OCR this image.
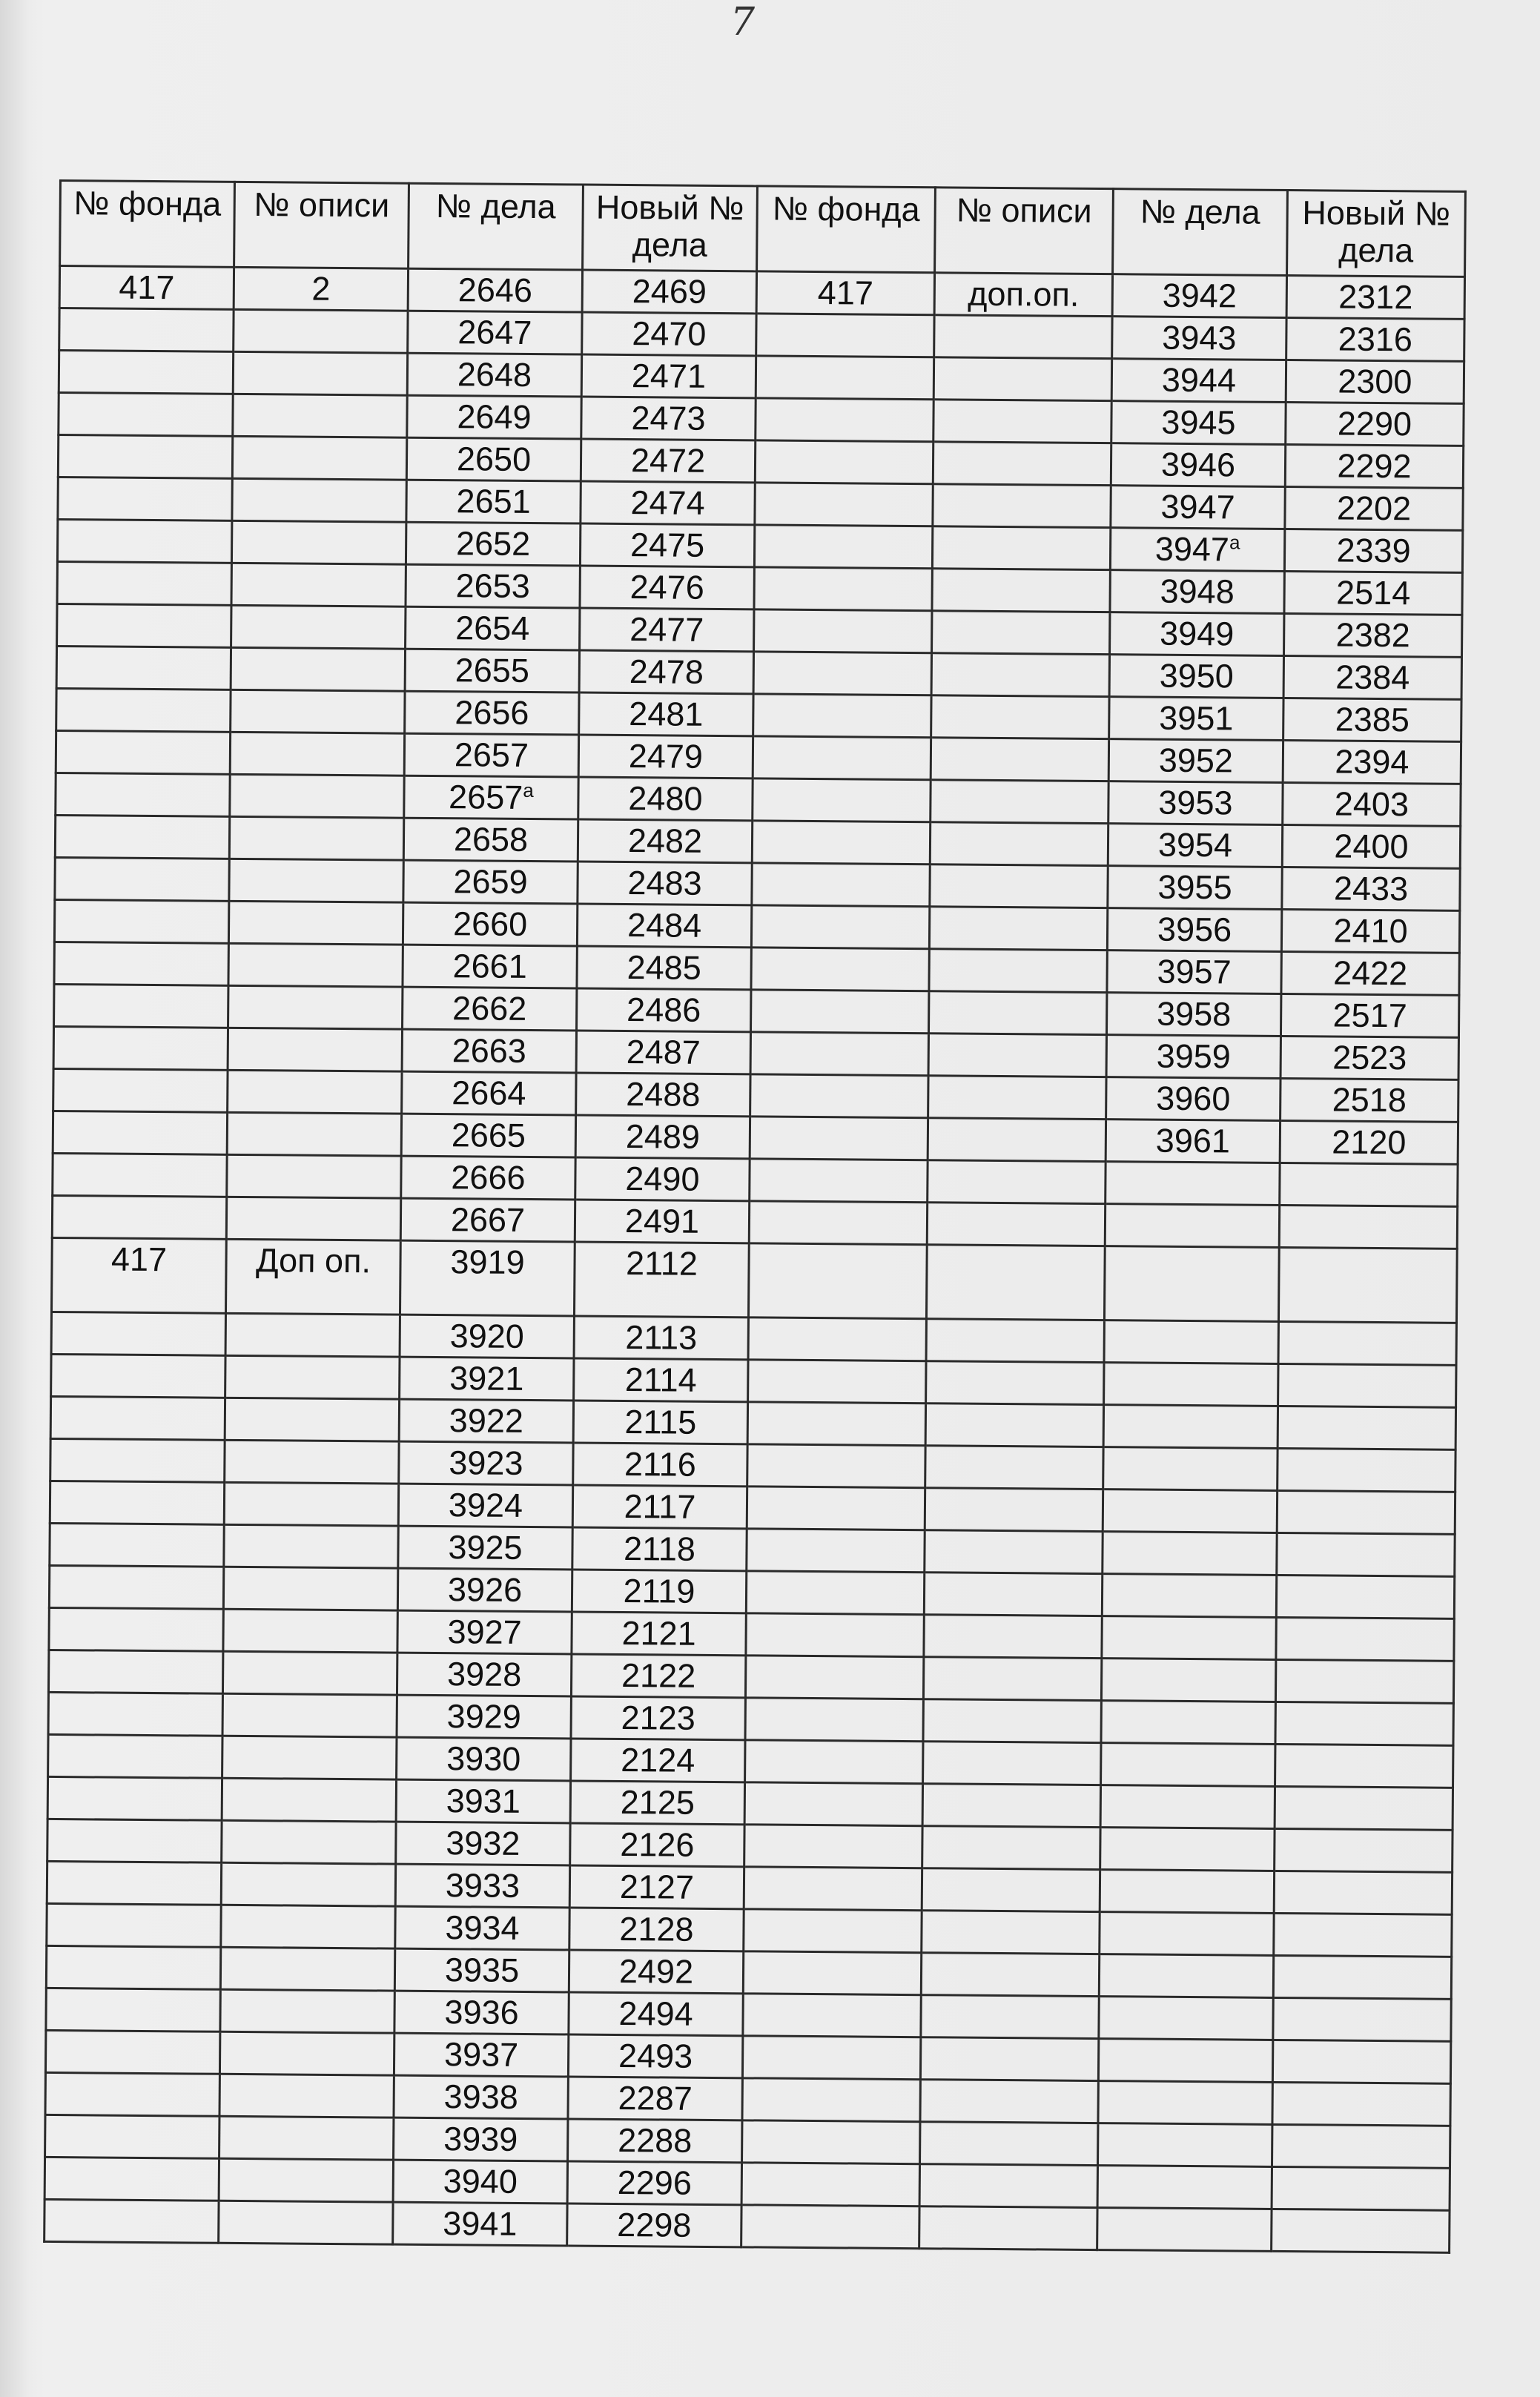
7
№ фонда	№ описи	№ дела	Новый № дела	№ фонда	№ описи	№ дела	Новый № дела
417	2	2646	2469	417	доп.оп.	3942	2312
		2647	2470			3943	2316
		2648	2471			3944	2300
		2649	2473			3945	2290
		2650	2472			3946	2292
		2651	2474			3947	2202
		2652	2475			$3947^а$	2339
		2653	2476			3948	2514
		2654	2477			3949	2382
		2655	2478			3950	2384
		2656	2481			3951	2385
		2657	2479			3952	2394
		$2657^а$	2480			3953	2403
		2658	2482			3954	2400
		2659	2483			3955	2433
		2660	2484			3956	2410
		2661	2485			3957	2422
		2662	2486			3958	2517
		2663	2487			3959	2523
		2664	2488			3960	2518
		2665	2489			3961	2120
		2666	2490				
		2667	2491				
417	Доп оп.	3919	2112				
		3920	2113				
		3921	2114				
		3922	2115				
		3923	2116				
		3924	2117				
		3925	2118				
		3926	2119				
		3927	2121				
		3928	2122				
		3929	2123				
		3930	2124				
		3931	2125				
		3932	2126				
		3933	2127				
		3934	2128				
		3935	2492				
		3936	2494				
		3937	2493				
		3938	2287				
		3939	2288				
		3940	2296				
		3941	2298				
